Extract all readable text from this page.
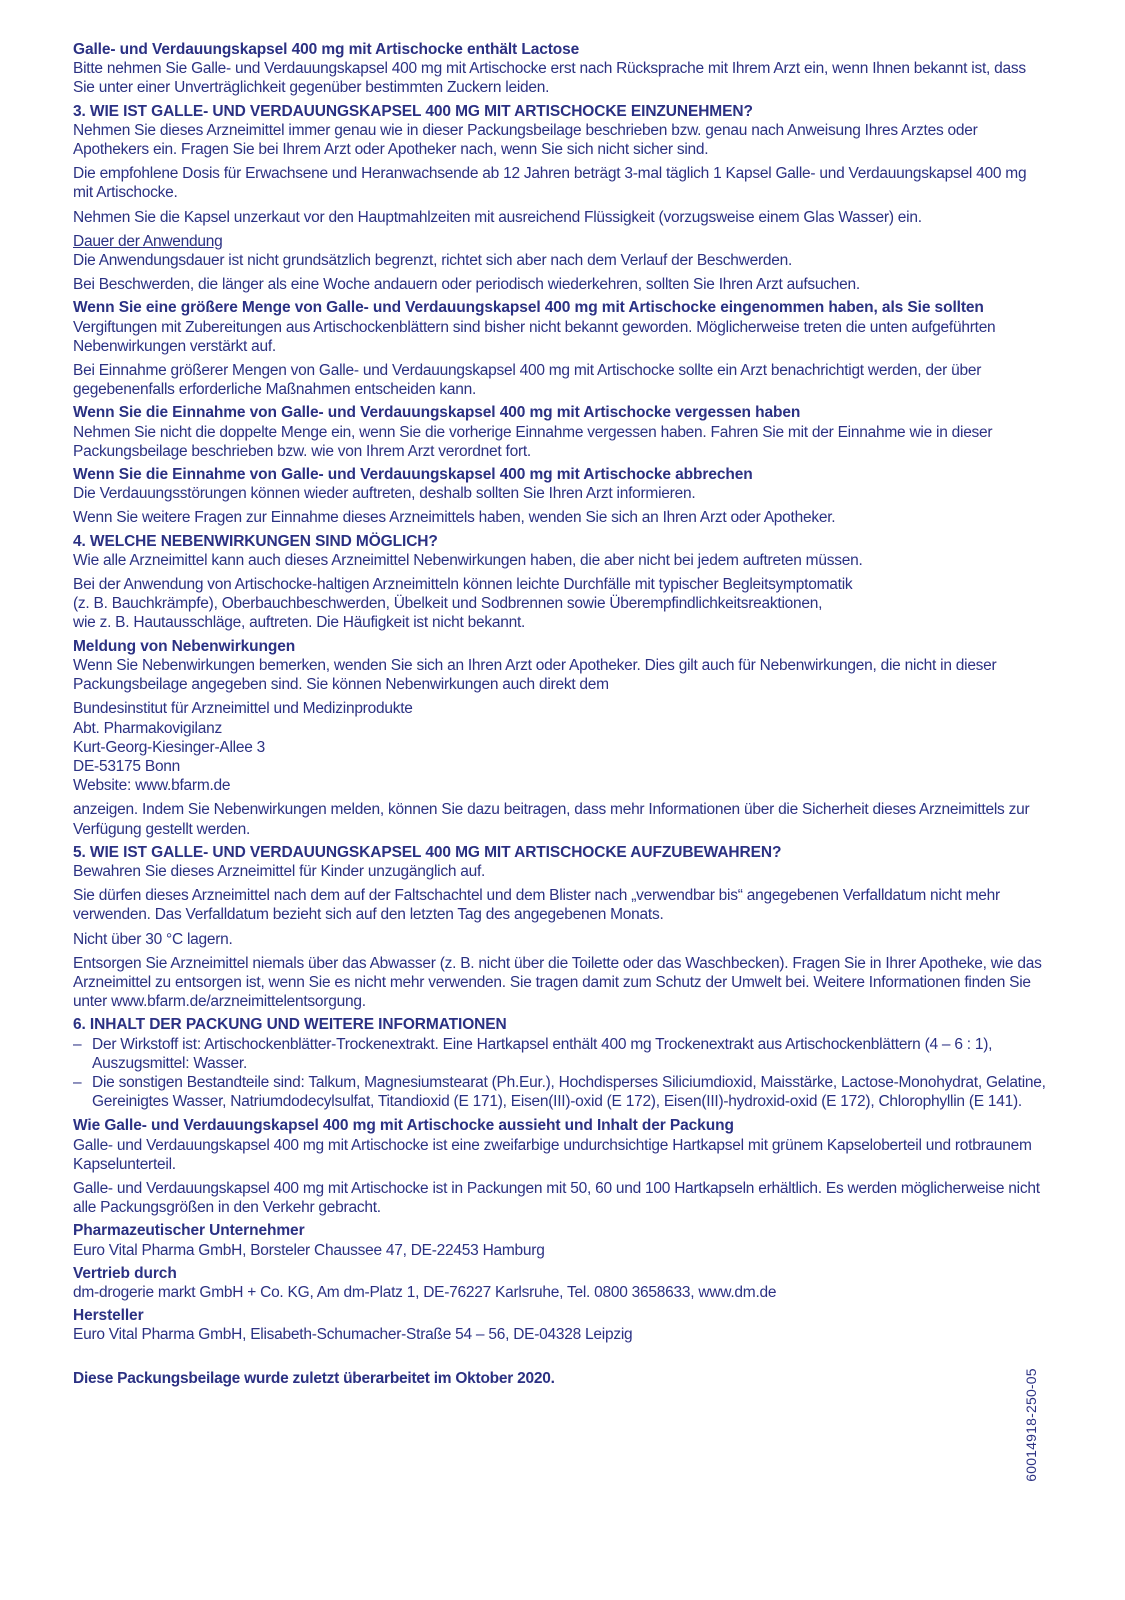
Galle- und Verdauungskapsel 400 mg mit Artischocke enthält Lactose
Bitte nehmen Sie Galle- und Verdauungskapsel 400 mg mit Artischocke erst nach Rücksprache mit Ihrem Arzt ein, wenn Ihnen bekannt ist, dass Sie unter einer Unverträglichkeit gegenüber bestimmten Zuckern leiden.
3. WIE IST GALLE- UND VERDAUUNGSKAPSEL 400 MG MIT ARTISCHOCKE EINZUNEHMEN?
Nehmen Sie dieses Arzneimittel immer genau wie in dieser Packungsbeilage beschrieben bzw. genau nach Anweisung Ihres Arztes oder Apothekers ein. Fragen Sie bei Ihrem Arzt oder Apotheker nach, wenn Sie sich nicht sicher sind.
Die empfohlene Dosis für Erwachsene und Heranwachsende ab 12 Jahren beträgt 3-mal täglich 1 Kapsel Galle- und Verdauungskapsel 400 mg mit Artischocke.
Nehmen Sie die Kapsel unzerkaut vor den Hauptmahlzeiten mit ausreichend Flüssigkeit (vorzugsweise einem Glas Wasser) ein.
Dauer der Anwendung
Die Anwendungsdauer ist nicht grundsätzlich begrenzt, richtet sich aber nach dem Verlauf der Beschwerden.
Bei Beschwerden, die länger als eine Woche andauern oder periodisch wiederkehren, sollten Sie Ihren Arzt aufsuchen.
Wenn Sie eine größere Menge von Galle- und Verdauungskapsel 400 mg mit Artischocke eingenommen haben, als Sie sollten
Vergiftungen mit Zubereitungen aus Artischockenblättern sind bisher nicht bekannt geworden. Möglicherweise treten die unten aufgeführten Nebenwirkungen verstärkt auf.
Bei Einnahme größerer Mengen von Galle- und Verdauungskapsel 400 mg mit Artischocke sollte ein Arzt benachrichtigt werden, der über gegebenenfalls erforderliche Maßnahmen entscheiden kann.
Wenn Sie die Einnahme von Galle- und Verdauungskapsel 400 mg mit Artischocke vergessen haben
Nehmen Sie nicht die doppelte Menge ein, wenn Sie die vorherige Einnahme vergessen haben. Fahren Sie mit der Einnahme wie in dieser Packungsbeilage beschrieben bzw. wie von Ihrem Arzt verordnet fort.
Wenn Sie die Einnahme von Galle- und Verdauungskapsel 400 mg mit Artischocke abbrechen
Die Verdauungsstörungen können wieder auftreten, deshalb sollten Sie Ihren Arzt informieren.
Wenn Sie weitere Fragen zur Einnahme dieses Arzneimittels haben, wenden Sie sich an Ihren Arzt oder Apotheker.
4. WELCHE NEBENWIRKUNGEN SIND MÖGLICH?
Wie alle Arzneimittel kann auch dieses Arzneimittel Nebenwirkungen haben, die aber nicht bei jedem auftreten müssen.
Bei der Anwendung von Artischocke-haltigen Arzneimitteln können leichte Durchfälle mit typischer Begleitsymptomatik
(z. B. Bauchkrämpfe), Oberbauchbeschwerden, Übelkeit und Sodbrennen sowie Überempfindlichkeitsreaktionen,
wie z. B. Hautausschläge, auftreten. Die Häufigkeit ist nicht bekannt.
Meldung von Nebenwirkungen
Wenn Sie Nebenwirkungen bemerken, wenden Sie sich an Ihren Arzt oder Apotheker. Dies gilt auch für Nebenwirkungen, die nicht in dieser Packungsbeilage angegeben sind. Sie können Nebenwirkungen auch direkt dem
Bundesinstitut für Arzneimittel und Medizinprodukte
Abt. Pharmakovigilanz
Kurt-Georg-Kiesinger-Allee 3
DE-53175 Bonn
Website: www.bfarm.de
anzeigen. Indem Sie Nebenwirkungen melden, können Sie dazu beitragen, dass mehr Informationen über die Sicherheit dieses Arzneimittels zur Verfügung gestellt werden.
5. WIE IST GALLE- UND VERDAUUNGSKAPSEL 400 MG MIT ARTISCHOCKE AUFZUBEWAHREN?
Bewahren Sie dieses Arzneimittel für Kinder unzugänglich auf.
Sie dürfen dieses Arzneimittel nach dem auf der Faltschachtel und dem Blister nach „verwendbar bis“ angegebenen Verfalldatum nicht mehr verwenden. Das Verfalldatum bezieht sich auf den letzten Tag des angegebenen Monats.
Nicht über 30 °C lagern.
Entsorgen Sie Arzneimittel niemals über das Abwasser (z. B. nicht über die Toilette oder das Waschbecken). Fragen Sie in Ihrer Apotheke, wie das Arzneimittel zu entsorgen ist, wenn Sie es nicht mehr verwenden. Sie tragen damit zum Schutz der Umwelt bei. Weitere Informationen finden Sie unter www.bfarm.de/arzneimittelentsorgung.
6. INHALT DER PACKUNG UND WEITERE INFORMATIONEN
– Der Wirkstoff ist: Artischockenblätter-Trockenextrakt. Eine Hartkapsel enthält 400 mg Trockenextrakt aus Artischockenblättern (4 – 6 : 1), Auszugsmittel: Wasser.
– Die sonstigen Bestandteile sind: Talkum, Magnesiumstearat (Ph.Eur.), Hochdisperses Siliciumdioxid, Maisstärke, Lactose-Monohydrat, Gelatine, Gereinigtes Wasser, Natriumdodecylsulfat, Titandioxid (E 171), Eisen(III)-oxid (E 172), Eisen(III)-hydroxid-oxid (E 172), Chlorophyllin (E 141).
Wie Galle- und Verdauungskapsel 400 mg mit Artischocke aussieht und Inhalt der Packung
Galle- und Verdauungskapsel 400 mg mit Artischocke ist eine zweifarbige undurchsichtige Hartkapsel mit grünem Kapseloberteil und rotbraunem Kapselunterteil.
Galle- und Verdauungskapsel 400 mg mit Artischocke ist in Packungen mit 50, 60 und 100 Hartkapseln erhältlich. Es werden möglicherweise nicht alle Packungsgrößen in den Verkehr gebracht.
Pharmazeutischer Unternehmer
Euro Vital Pharma GmbH, Borsteler Chaussee 47, DE-22453 Hamburg
Vertrieb durch
dm-drogerie markt GmbH + Co. KG, Am dm-Platz 1, DE-76227 Karlsruhe, Tel. 0800 3658633, www.dm.de
Hersteller
Euro Vital Pharma GmbH, Elisabeth-Schumacher-Straße 54 – 56, DE-04328 Leipzig
Diese Packungsbeilage wurde zuletzt überarbeitet im Oktober 2020.	60014918-250-05
